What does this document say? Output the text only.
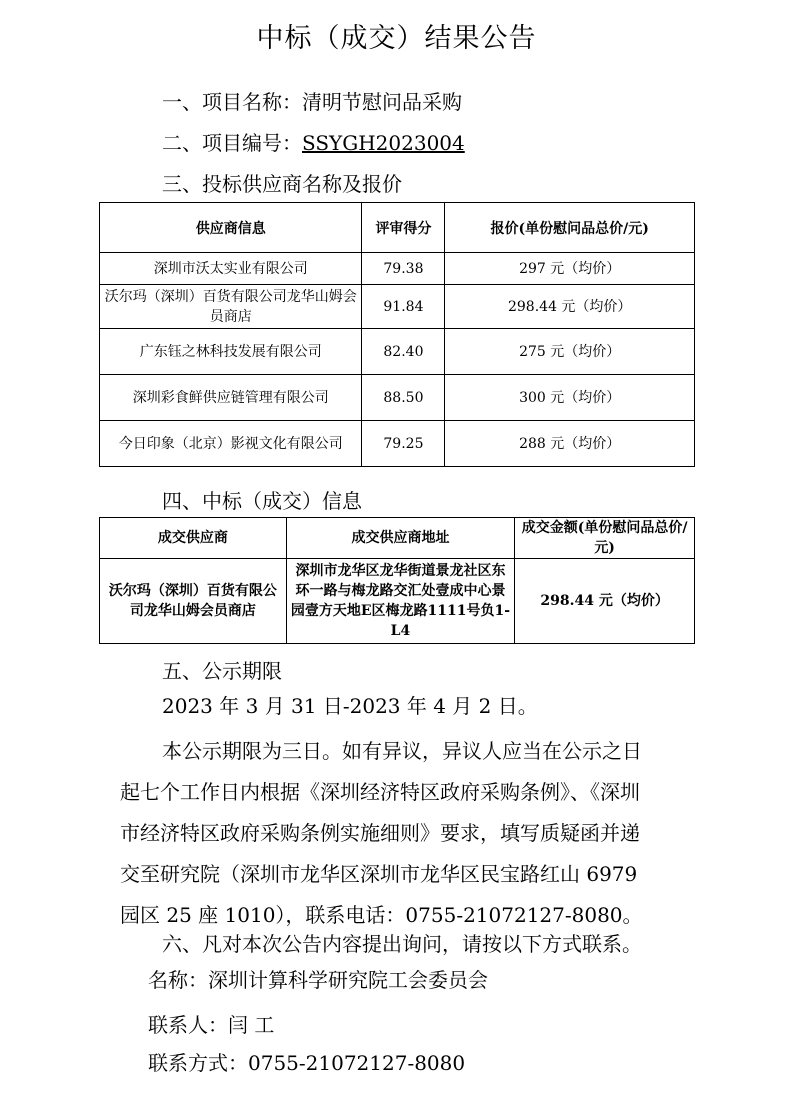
中标（成交）结果公告
一、项目名称：清明节慰问品采购
二、项目编号：SSYGH2023004
三、投标供应商名称及报价
供应商信息	评审得分	报价(单份慰问品总价/元)
深圳市沃太实业有限公司	79.38	297 元（均价）
沃尔玛（深圳）百货有限公司龙华山姆会员商店	91.84	298.44 元（均价）
广东钰之林科技发展有限公司	82.40	275 元（均价）
深圳彩食鲜供应链管理有限公司	88.50	300 元（均价）
今日印象（北京）影视文化有限公司	79.25	288 元（均价）
四、中标（成交）信息
成交供应商	成交供应商地址	成交金额(单份慰问品总价/元)
沃尔玛（深圳）百货有限公司龙华山姆会员商店	深圳市龙华区龙华街道景龙社区东环一路与梅龙路交汇处壹成中心景园壹方天地E区梅龙路1111号负1-L4	298.44 元（均价）
五、公示期限
2023 年 3 月 31 日-2023 年 4 月 2 日。
本公示期限为三日。如有异议，异议人应当在公示之日
起七个工作日内根据《深圳经济特区政府采购条例》、《深圳
市经济特区政府采购条例实施细则》要求，填写质疑函并递
交至研究院（深圳市龙华区深圳市龙华区民宝路红山 6979
园区 25 座 1010），联系电话：0755-21072127-8080。
六、凡对本次公告内容提出询问，请按以下方式联系。
名称：深圳计算科学研究院工会委员会
联系人：闫 工
联系方式：0755-21072127-8080
